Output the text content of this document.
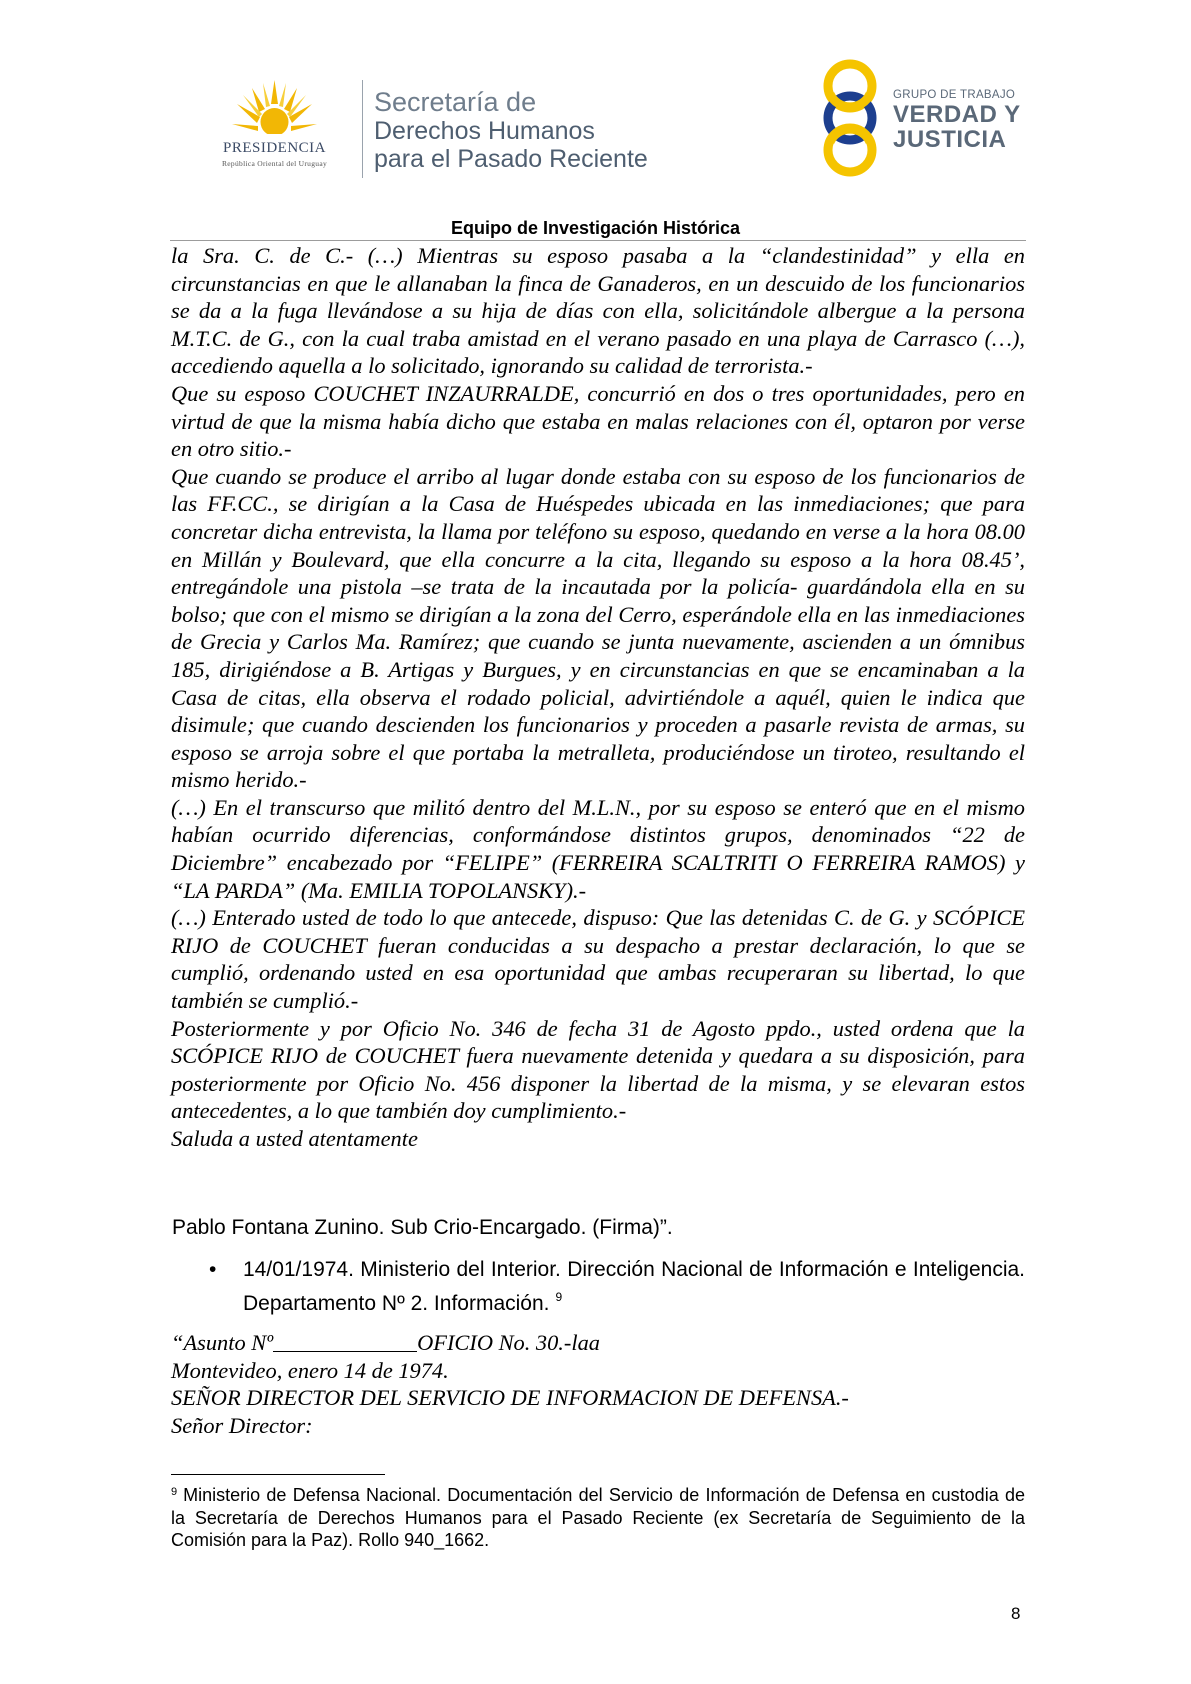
PRESIDENCIA
República Oriental del Uruguay
Secretaría de
Derechos Humanos
para el Pasado Reciente
GRUPO DE TRABAJO
VERDAD Y
JUSTICIA
Equipo de Investigación Histórica

la Sra. C. de C.- (…) Mientras su esposo pasaba a la “clandestinidad” y ella en circunstancias en que le allanaban la finca de Ganaderos, en un descuido de los funcionarios se da a la fuga llevándose a su hija de días con ella, solicitándole albergue a la persona M.T.C. de G., con la cual traba amistad en el verano pasado en una playa de Carrasco (…), accediendo aquella a lo solicitado, ignorando su calidad de terrorista.-

Que su esposo COUCHET INZAURRALDE, concurrió en dos o tres oportunidades, pero en virtud de que la misma había dicho que estaba en malas relaciones con él, optaron por verse en otro sitio.-

Que cuando se produce el arribo al lugar donde estaba con su esposo de los funcionarios de las FF.CC., se dirigían a la Casa de Huéspedes ubicada en las inmediaciones; que para concretar dicha entrevista, la llama por teléfono su esposo, quedando en verse a la hora 08.00 en Millán y Boulevard, que ella concurre a la cita, llegando su esposo a la hora 08.45’, entregándole una pistola –se trata de la incautada por la policía- guardándola ella en su bolso; que con el mismo se dirigían a la zona del Cerro, esperándole ella en las inmediaciones de Grecia y Carlos Ma. Ramírez; que cuando se junta nuevamente, ascienden a un ómnibus 185, dirigiéndose a B. Artigas y Burgues, y en circunstancias en que se encaminaban a la Casa de citas, ella observa el rodado policial, advirtiéndole a aquél, quien le indica que disimule; que cuando descienden los funcionarios y proceden a pasarle revista de armas, su esposo se arroja sobre el que portaba la metralleta, produciéndose un tiroteo, resultando el mismo herido.-

(…) En el transcurso que militó dentro del M.L.N., por su esposo se enteró que en el mismo habían ocurrido diferencias, conformándose distintos grupos, denominados “22 de Diciembre” encabezado por “FELIPE” (FERREIRA SCALTRITI O FERREIRA RAMOS) y “LA PARDA” (Ma. EMILIA TOPOLANSKY).-

(…) Enterado usted de todo lo que antecede, dispuso: Que las detenidas C. de G. y SCÓPICE RIJO de COUCHET fueran conducidas a su despacho a prestar declaración, lo que se cumplió, ordenando usted en esa oportunidad que ambas recuperaran su libertad, lo que también se cumplió.-

Posteriormente y por Oficio No. 346 de fecha 31 de Agosto ppdo., usted ordena que la SCÓPICE RIJO de COUCHET fuera nuevamente detenida y quedara a su disposición, para posteriormente por Oficio No. 456 disponer la libertad de la misma, y se elevaran estos antecedentes, a lo que también doy cumplimiento.-

Saluda a usted atentamente

Pablo Fontana Zunino. Sub Crio-Encargado. (Firma)”.
• 14/01/1974. Ministerio del Interior. Dirección Nacional de Información e Inteligencia. Departamento Nº 2. Información. $^9$

“Asunto Nº	OFICIO No. 30.-laa

Montevideo, enero 14 de 1974.

SEÑOR DIRECTOR DEL SERVICIO DE INFORMACION DE DEFENSA.-

Señor Director:

$^9$ Ministerio de Defensa Nacional. Documentación del Servicio de Información de Defensa en custodia de la Secretaría de Derechos Humanos para el Pasado Reciente (ex Secretaría de Seguimiento de la Comisión para la Paz). Rollo 940_1662.
8
